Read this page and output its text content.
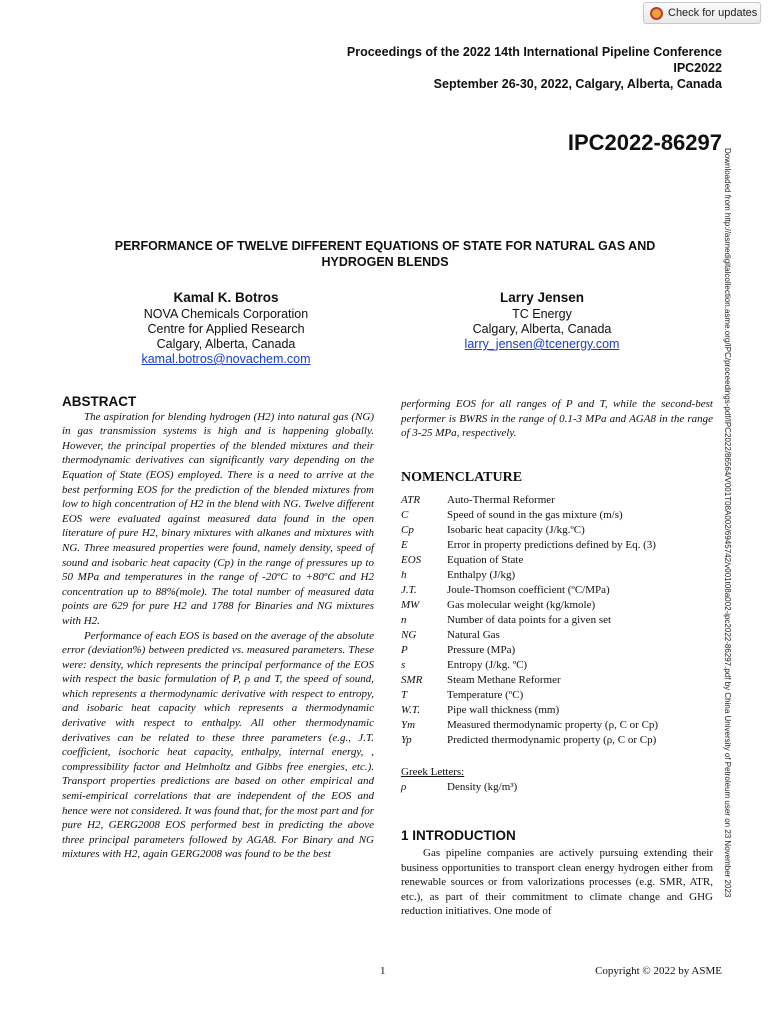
Check for updates
Proceedings of the 2022 14th International Pipeline Conference
IPC2022
September 26-30, 2022, Calgary, Alberta, Canada
IPC2022-86297
Downloaded from http://asmedigitalcollection.asme.org/IPC/proceedings-pdf/IPC2022/86564/V001T08A002/6945742/v001t08a002-ipc2022-86297.pdf by China University of Petroleum user on 23 November 2023
PERFORMANCE OF TWELVE DIFFERENT EQUATIONS OF STATE FOR NATURAL GAS AND HYDROGEN BLENDS
Kamal K. Botros
NOVA Chemicals Corporation
Centre for Applied Research
Calgary, Alberta, Canada
kamal.botros@novachem.com
Larry Jensen
TC Energy
Calgary, Alberta, Canada
larry_jensen@tcenergy.com
ABSTRACT
The aspiration for blending hydrogen (H2) into natural gas (NG) in gas transmission systems is high and is happening globally. However, the principal properties of the blended mixtures and their thermodynamic derivatives can significantly vary depending on the Equation of State (EOS) employed. There is a need to arrive at the best performing EOS for the prediction of the blended mixtures from low to high concentration of H2 in the blend with NG. Twelve different EOS were evaluated against measured data found in the open literature of pure H2, binary mixtures with alkanes and mixtures with NG. Three measured properties were found, namely density, speed of sound and isobaric heat capacity (Cp) in the range of pressures up to 50 MPa and temperatures in the range of -20ºC to +80ºC and H2 concentration up to 88%(mole). The total number of measured data points are 629 for pure H2 and 1788 for Binaries and NG mixtures with H2.
Performance of each EOS is based on the average of the absolute error (deviation%) between predicted vs. measured parameters. These were: density, which represents the principal performance of the EOS with respect the basic formulation of P, ρ and T, the speed of sound, which represents a thermodynamic derivative with respect to entropy, and isobaric heat capacity which represents a thermodynamic derivative with respect to enthalpy. All other thermodynamic derivatives can be related to these three parameters (e.g., J.T. coefficient, isochoric heat capacity, enthalpy, internal energy, , compressibility factor and Helmholtz and Gibbs free energies, etc.). Transport properties predictions are based on other empirical and semi-empirical correlations that are independent of the EOS and hence were not considered. It was found that, for the most part and for pure H2, GERG2008 EOS performed best in predicting the above three principal parameters followed by AGA8. For Binary and NG mixtures with H2, again GERG2008 was found to be the best
performing EOS for all ranges of P and T, while the second-best performer is BWRS in the range of 0.1-3 MPa and AGA8 in the range of 3-25 MPa, respectively.
NOMENCLATURE
ATR	Auto-Thermal Reformer
C	Speed of sound in the gas mixture (m/s)
Cp	Isobaric heat capacity (J/kg.ºC)
E	Error in property predictions defined by Eq. (3)
EOS	Equation of State
h	Enthalpy (J/kg)
J.T.	Joule-Thomson coefficient (ºC/MPa)
MW	Gas molecular weight (kg/kmole)
n	Number of data points for a given set
NG	Natural Gas
P	Pressure (MPa)
s	Entropy (J/kg. ºC)
SMR	Steam Methane Reformer
T	Temperature (ºC)
W.T.	Pipe wall thickness (mm)
Ym	Measured thermodynamic property (ρ, C or Cp)
Yp	Predicted thermodynamic property (ρ, C or Cp)
Greek Letters:
ρ	Density (kg/m³)
1 INTRODUCTION
Gas pipeline companies are actively pursuing extending their business opportunities to transport clean energy hydrogen either from renewable sources or from valorizations processes (e.g. SMR, ATR, etc.), as part of their commitment to climate change and GHG reduction initiatives. One mode of
1	Copyright © 2022 by ASME
